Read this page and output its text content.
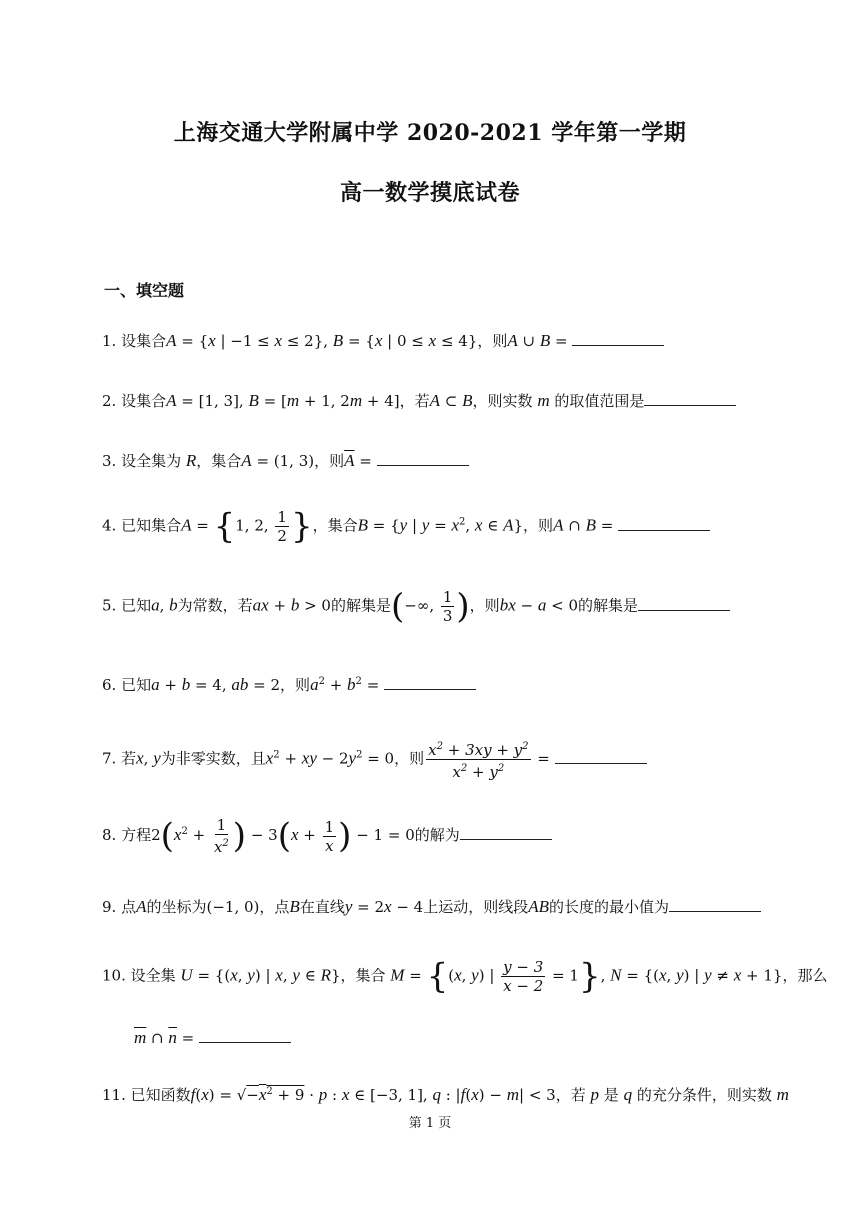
上海交通大学附属中学 2020-2021 学年第一学期
高一数学摸底试卷
一、填空题
1. 设集合A = {x | −1 ≤ x ≤ 2}, B = {x | 0 ≤ x ≤ 4}，则A ∪ B =
2. 设集合A = [1, 3], B = [m + 1, 2m + 4]，若A ⊂ B，则实数 m 的取值范围是
3. 设全集为 R，集合A = (1, 3)，则$\overline{A}$ =
4. 已知集合A = {1, 2, $\frac{1}{2}$ }，集合B = {y | $y = x^2$, x ∈ A}，则A ∩ B =
5. 已知a, b为常数，若ax + b > 0的解集是(−∞, $\frac{1}{3}$ )，则bx − a < 0的解集是
6. 已知a + b = 4, ab = 2，则$a^2 + b^2$ =
7. 若x, y为非零实数，且$x^2$ + xy − $2y^2 = 0$，则 $\frac{x^2 + 3xy + y^2}{x^2 + y^2}$ =
8. 方程$2(x^2 + \frac{1}{x^2}$ ) − $3(x + \frac{1}{x}$ ) − 1 = 0的解为
9. 点A的坐标为(−1, 0)，点B在直线y = 2x − 4上运动，则线段AB的长度的最小值为
10. 设全集 U = {(x, y) | x, y ∈ R}，集合 M = {(x, y) | $\frac{y - 3}{x - 2} = 1$}, N = {(x, y) | y ≠ x + 1}，那么
$\overline{m}$ ∩ $\overline{n}$ =
11. 已知函数$f(x) = √-x^2 + 9 \cdot p$ : x ∈ [−3, 1], q : |f(x) − m| < 3，若 p 是 q 的充分条件，则实数 m
第 1 页
